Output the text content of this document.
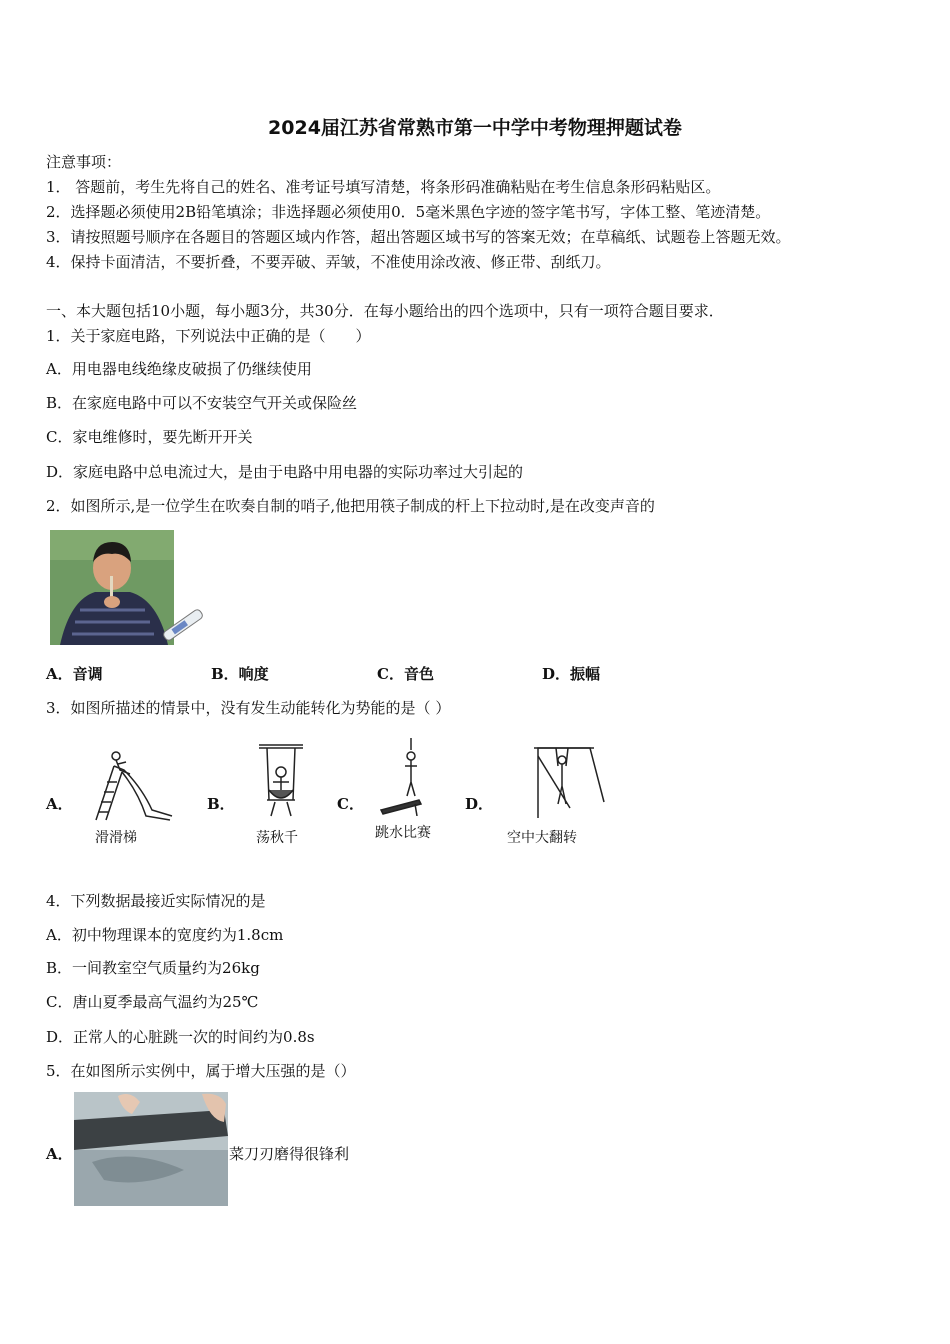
2024届江苏省常熟市第一中学中考物理押题试卷
注意事项：
1． 答题前，考生先将自己的姓名、准考证号填写清楚，将条形码准确粘贴在考生信息条形码粘贴区。
2．选择题必须使用2B铅笔填涂；非选择题必须使用0．5毫米黑色字迹的签字笔书写，字体工整、笔迹清楚。
3．请按照题号顺序在各题目的答题区域内作答，超出答题区域书写的答案无效；在草稿纸、试题卷上答题无效。
4．保持卡面清洁，不要折叠，不要弄破、弄皱，不准使用涂改液、修正带、刮纸刀。
一、本大题包括10小题，每小题3分，共30分．在每小题给出的四个选项中，只有一项符合题目要求．
1．关于家庭电路，下列说法中正确的是（　　）
A．用电器电线绝缘皮破损了仍继续使用
B．在家庭电路中可以不安装空气开关或保险丝
C．家电维修时，要先断开开关
D．家庭电路中总电流过大，是由于电路中用电器的实际功率过大引起的
2．如图所示,是一位学生在吹奏自制的哨子,他把用筷子制成的杆上下拉动时,是在改变声音的
A．音调	B．响度	C．音色	D．振幅
3．如图所描述的情景中，没有发生动能转化为势能的是（ ）
A．
滑滑梯
B．
荡秋千
C．
跳水比赛
D．
空中大翻转
4．下列数据最接近实际情况的是
A．初中物理课本的宽度约为1.8cm
B．一间教室空气质量约为26kg
C．唐山夏季最高气温约为25℃
D．正常人的心脏跳一次的时间约为0.8s
5．在如图所示实例中，属于增大压强的是（）
A．	菜刀刃磨得很锋利
